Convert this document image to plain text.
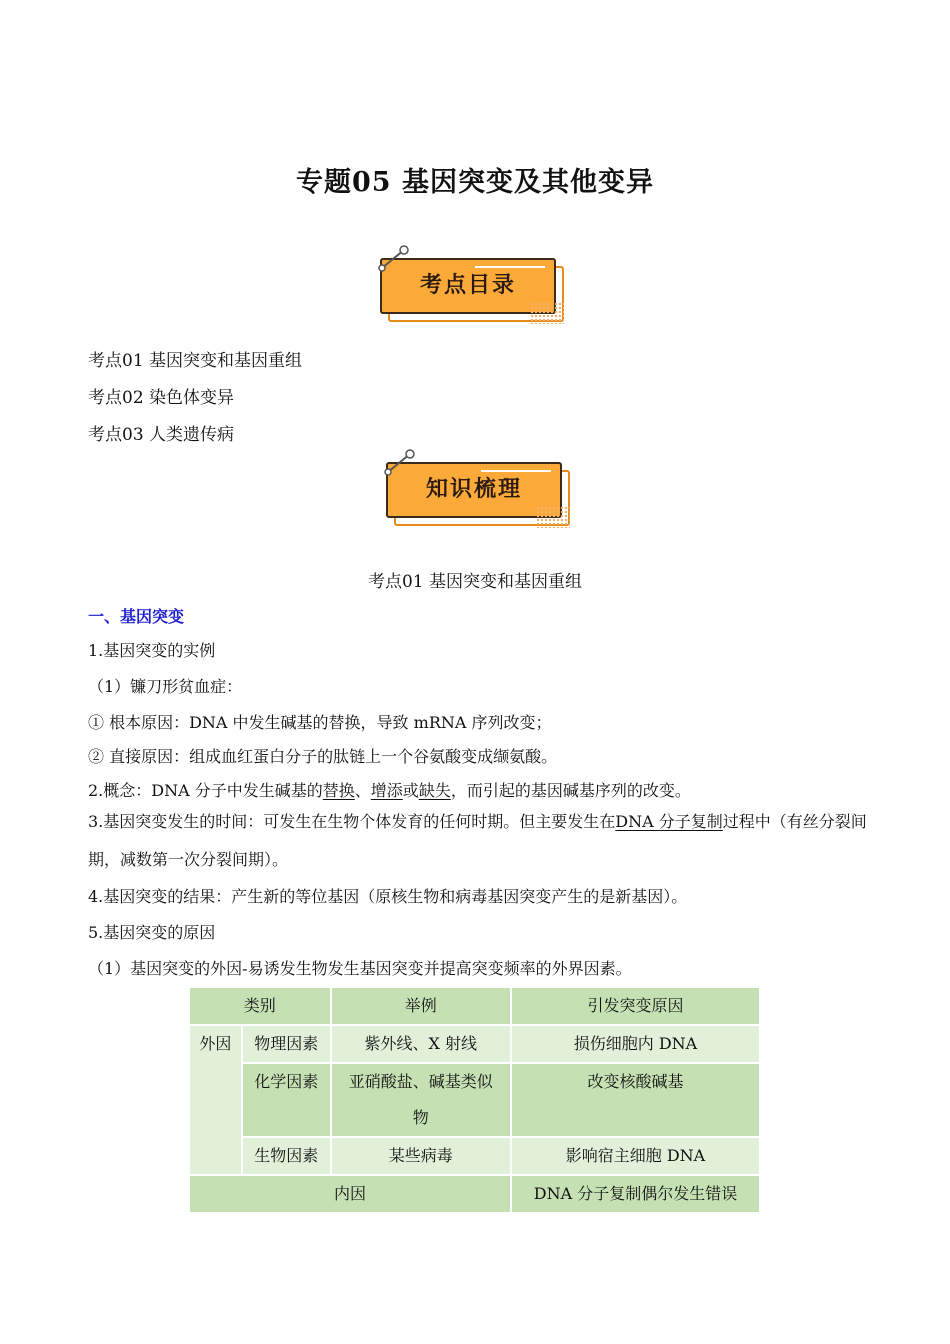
专题05 基因突变及其他变异
考点目录
考点01 基因突变和基因重组
考点02 染色体变异
考点03 人类遗传病
知识梳理
考点01 基因突变和基因重组
一、基因突变
1.基因突变的实例
（1）镰刀形贫血症：
① 根本原因：DNA 中发生碱基的替换，导致 mRNA 序列改变；
② 直接原因：组成血红蛋白分子的肽链上一个谷氨酸变成缬氨酸。
2.概念：DNA 分子中发生碱基的替换、增添或缺失，而引起的基因碱基序列的改变。
3.基因突变发生的时间：可发生在生物个体发育的任何时期。但主要发生在DNA 分子复制过程中（有丝分裂间期，减数第一次分裂间期）。
4.基因突变的结果：产生新的等位基因（原核生物和病毒基因突变产生的是新基因）。
5.基因突变的原因
（1）基因突变的外因-易诱发生物发生基因突变并提高突变频率的外界因素。
类别		举例	引发突变原因
外因	物理因素	紫外线、X 射线	损伤细胞内 DNA
	化学因素	亚硝酸盐、碱基类似物	改变核酸碱基
	生物因素	某些病毒	影响宿主细胞 DNA
内因			DNA 分子复制偶尔发生错误
